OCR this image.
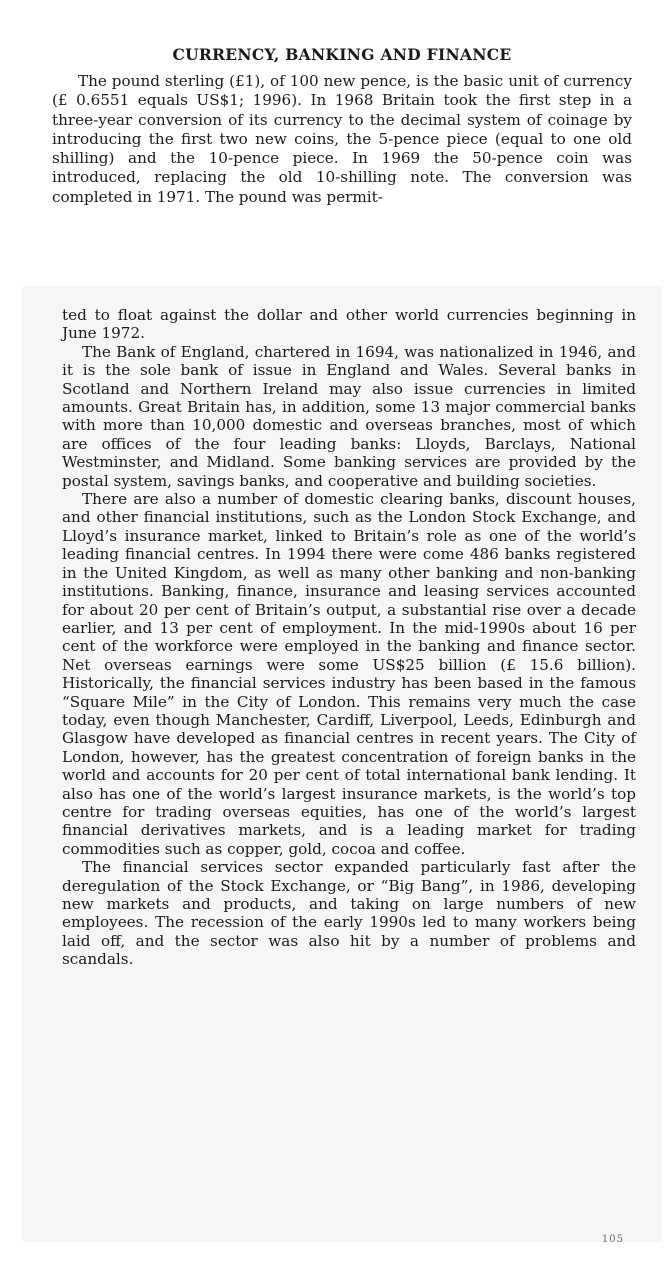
CURRENCY, BANKING AND FINANCE

The pound sterling (£1), of 100 new pence, is the basic unit of currency (£ 0.6551 equals US$1; 1996). In 1968 Britain took the first step in a three-year conversion of its currency to the decimal system of coinage by introducing the first two new coins, the 5-pence piece (equal to one old shilling) and the 10-pence piece. In 1969 the 50-pence coin was introduced, replacing the old 10-shilling note. The conversion was completed in 1971. The pound was permit-

ted to float against the dollar and other world currencies beginning in June 1972.

The Bank of England, chartered in 1694, was nationalized in 1946, and it is the sole bank of issue in England and Wales. Several banks in Scotland and Northern Ireland may also issue currencies in limited amounts. Great Britain has, in addition, some 13 major commercial banks with more than 10,000 domestic and overseas branches, most of which are offices of the four leading banks: Lloyds, Barclays, National Westminster, and Midland. Some banking services are provided by the postal system, savings banks, and cooperative and building societies.

There are also a number of domestic clearing banks, discount houses, and other financial institutions, such as the London Stock Exchange, and Lloyd’s insurance market, linked to Britain’s role as one of the world’s leading financial centres. In 1994 there were come 486 banks registered in the United Kingdom, as well as many other banking and non-banking institutions. Banking, finance, insurance and leasing services accounted for about 20 per cent of Britain’s output, a substantial rise over a decade earlier, and 13 per cent of employment. In the mid-1990s about 16 per cent of the workforce were employed in the banking and finance sector. Net overseas earnings were some US$25 billion (£ 15.6 billion). Historically, the financial services industry has been based in the famous “Square Mile” in the City of London. This remains very much the case today, even though Manchester, Cardiff, Liverpool, Leeds, Edinburgh and Glasgow have developed as financial centres in recent years. The City of London, however, has the greatest concentration of foreign banks in the world and accounts for 20 per cent of total international bank lending. It also has one of the world’s largest insurance markets, is the world’s top centre for trading overseas equities, has one of the world’s largest financial derivatives markets, and is a leading market for trading commodities such as copper, gold, cocoa and coffee.

The financial services sector expanded particularly fast after the deregulation of the Stock Exchange, or “Big Bang”, in 1986, developing new markets and products, and taking on large numbers of new employees. The recession of the early 1990s led to many workers being laid off, and the sector was also hit by a number of problems and scandals.

105
